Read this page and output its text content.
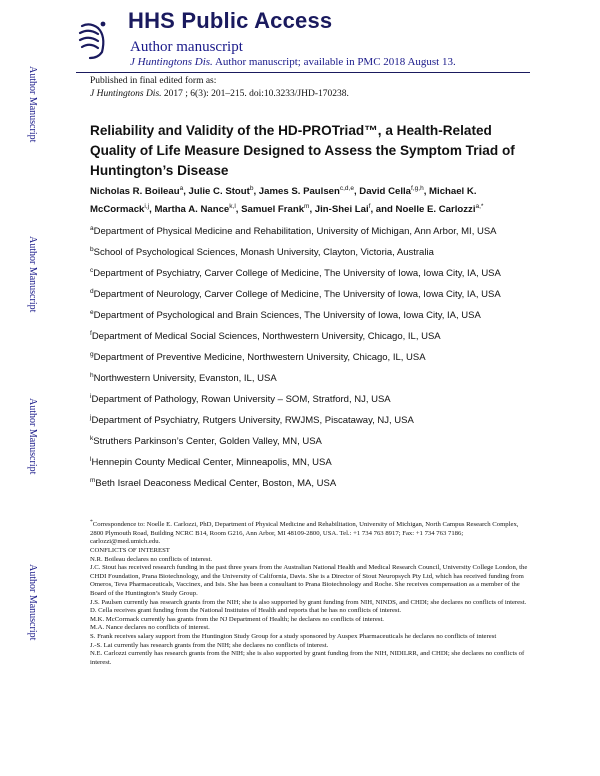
HHS Public Access
Author manuscript
J Huntingtons Dis. Author manuscript; available in PMC 2018 August 13.
Published in final edited form as:
J Huntingtons Dis. 2017 ; 6(3): 201–215. doi:10.3233/JHD-170238.
Author Manuscript
Author Manuscript
Author Manuscript
Author Manuscript
Reliability and Validity of the HD-PROTriad™, a Health-Related Quality of Life Measure Designed to Assess the Symptom Triad of Huntington’s Disease
Nicholas R. Boileau$^a$, Julie C. Stout$^b$, James S. Paulsen$^{c,d,e}$, David Cella$^{f,g,h}$, Michael K. McCormack$^{i,j}$, Martha A. Nance$^{k,l}$, Samuel Frank$^m$, Jin-Shei Lai$^f$, and Noelle E. Carlozzi$^{a,*}$
$^a$Department of Physical Medicine and Rehabilitation, University of Michigan, Ann Arbor, MI, USA
$^b$School of Psychological Sciences, Monash University, Clayton, Victoria, Australia
$^c$Department of Psychiatry, Carver College of Medicine, The University of Iowa, Iowa City, IA, USA
$^d$Department of Neurology, Carver College of Medicine, The University of Iowa, Iowa City, IA, USA
$^e$Department of Psychological and Brain Sciences, The University of Iowa, Iowa City, IA, USA
$^f$Department of Medical Social Sciences, Northwestern University, Chicago, IL, USA
$^g$Department of Preventive Medicine, Northwestern University, Chicago, IL, USA
$^h$Northwestern University, Evanston, IL, USA
$^i$Department of Pathology, Rowan University – SOM, Stratford, NJ, USA
$^j$Department of Psychiatry, Rutgers University, RWJMS, Piscataway, NJ, USA
$^k$Struthers Parkinson’s Center, Golden Valley, MN, USA
$^l$Hennepin County Medical Center, Minneapolis, MN, USA
$^m$Beth Israel Deaconess Medical Center, Boston, MA, USA

*Correspondence to: Noelle E. Carlozzi, PhD, Department of Physical Medicine and Rehabilitation, University of Michigan, North Campus Research Complex, 2800 Plymouth Road, Building NCRC B14, Room G216, Ann Arbor, MI 48109-2800, USA. Tel.: +1 734 763 8917; Fax: +1 734 763 7186; carlozzi@med.umich.edu.

CONFLICTS OF INTEREST

N.R. Boileau declares no conflicts of interest.

J.C. Stout has received research funding in the past three years from the Australian National Health and Medical Research Council, University College London, the CHDI Foundation, Prana Biotechnology, and the University of California, Davis. She is a Director of Stout Neuropsych Pty Ltd, which has received funding from Omeros, Teva Pharmaceuticals, Vaccinex, and Isis. She has been a consultant to Prana Biotechnology and Roche. She receives compensation as a member of the Board of the Huntington’s Study Group.

J.S. Paulsen currently has research grants from the NIH; she is also supported by grant funding from NIH, NINDS, and CHDI; she declares no conflicts of interest.

D. Cella receives grant funding from the National Institutes of Health and reports that he has no conflicts of interest.

M.K. McCormack currently has grants from the NJ Department of Health; he declares no conflicts of interest.

M.A. Nance declares no conflicts of interest.

S. Frank receives salary support from the Huntington Study Group for a study sponsored by Auspex Pharmaceuticals he declares no conflicts of interest

J.-S. Lai currently has research grants from the NIH; she declares no conflicts of interest.

N.E. Carlozzi currently has research grants from the NIH; she is also supported by grant funding from the NIH, NIDILRR, and CHDI; she declares no conflicts of interest.
